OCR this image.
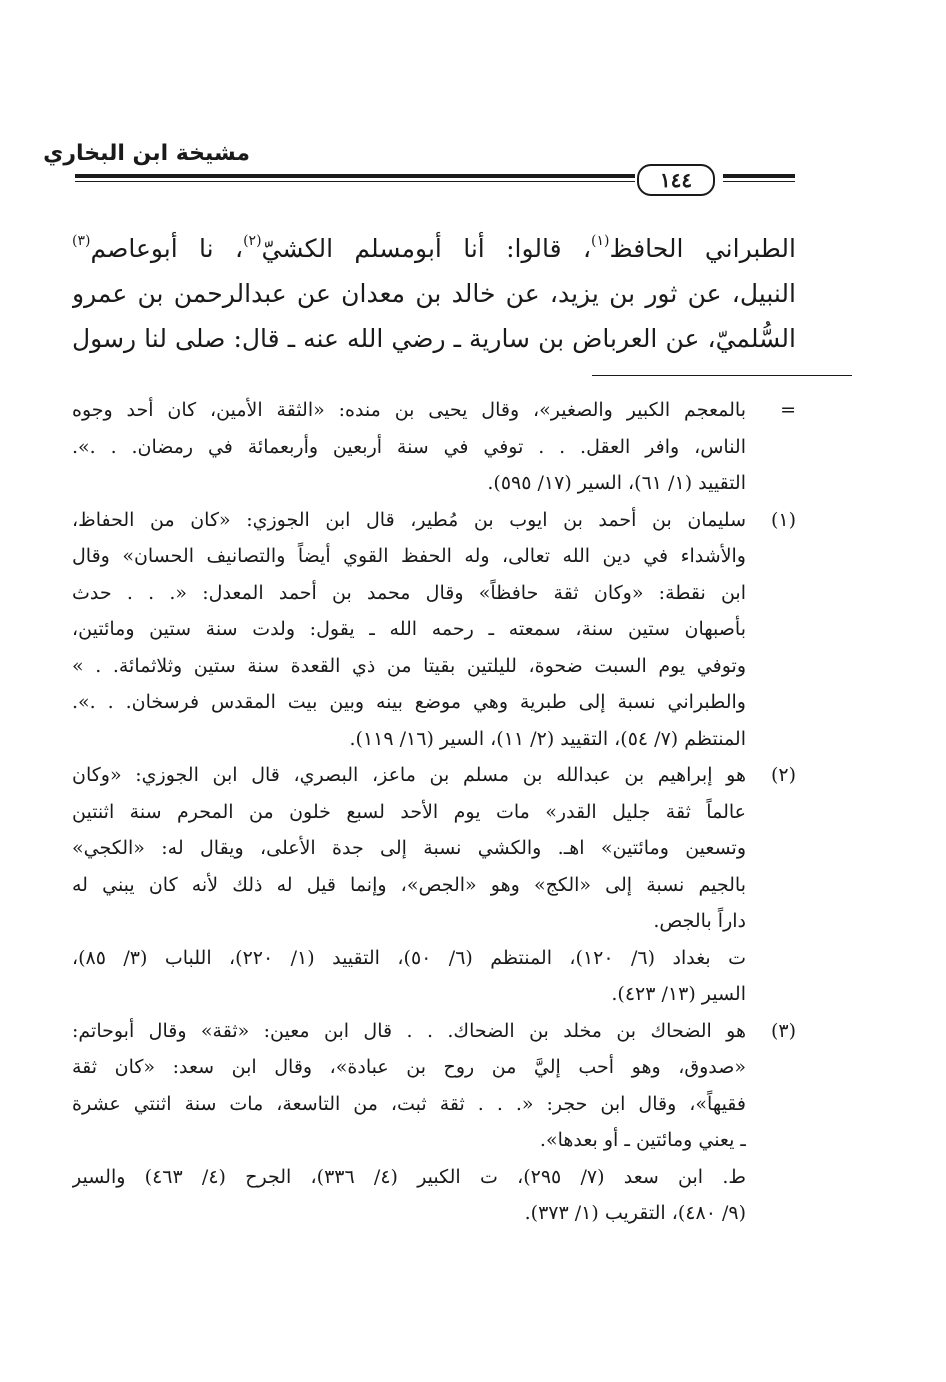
مشيخة ابن البخاري
١٤٤
الطبراني الحافظ$^{(١)}$، قالوا: أنا أبومسلم الكشيّ$^{(٢)}$، نا أبوعاصم$^{(٣)}$
النبيل، عن ثور بن يزيد، عن خالد بن معدان عن عبدالرحمن بن عمرو
السُّلميّ، عن العرباض بن سارية ـ رضي الله عنه ـ قال: صلى لنا رسول
=
بالمعجم الكبير والصغير»، وقال يحيى بن منده: «الثقة الأمين، كان أحد وجوه
الناس، وافر العقل. . . توفي في سنة أربعين وأربعمائة في رمضان. . .».
التقييد (١/ ٦١)، السير (١٧/ ٥٩٥).
(١)
سليمان بن أحمد بن ايوب بن مُطير، قال ابن الجوزي: «كان من الحفاظ،
والأشداء في دين الله تعالى، وله الحفظ القوي أيضاً والتصانيف الحسان» وقال
ابن نقطة: «وكان ثقة حافظاً» وقال محمد بن أحمد المعدل: «. . . حدث
بأصبهان ستين سنة، سمعته ـ رحمه الله ـ يقول: ولدت سنة ستين ومائتين،
وتوفي يوم السبت ضحوة، لليلتين بقيتا من ذي القعدة سنة ستين وثلاثمائة. . »
والطبراني نسبة إلى طبرية وهي موضع بينه وبين بيت المقدس فرسخان. . .».
المنتظم (٧/ ٥٤)، التقييد (٢/ ١١)، السير (١٦/ ١١٩).
(٢)
هو إبراهيم بن عبدالله بن مسلم بن ماعز، البصري، قال ابن الجوزي: «وكان
عالماً ثقة جليل القدر» مات يوم الأحد لسبع خلون من المحرم سنة اثنتين
وتسعين ومائتين» اهـ. والكشي نسبة إلى جدة الأعلى، ويقال له: «الكجي»
بالجيم نسبة إلى «الكج» وهو «الجص»، وإنما قيل له ذلك لأنه كان يبني له
داراً بالجص.
ت بغداد (٦/ ١٢٠)، المنتظم (٦/ ٥٠)، التقييد (١/ ٢٢٠)، اللباب (٣/ ٨٥)،
السير (١٣/ ٤٢٣).
(٣)
هو الضحاك بن مخلد بن الضحاك. . . قال ابن معين: «ثقة» وقال أبوحاتم:
«صدوق، وهو أحب إليَّ من روح بن عبادة»، وقال ابن سعد: «كان ثقة
فقيهاً»، وقال ابن حجر: «. . . ثقة ثبت، من التاسعة، مات سنة اثنتي عشرة
ـ يعني ومائتين ـ أو بعدها».
ط. ابن سعد (٧/ ٢٩٥)، ت الكبير (٤/ ٣٣٦)، الجرح (٤/ ٤٦٣) والسير
(٩/ ٤٨٠)، التقريب (١/ ٣٧٣).
